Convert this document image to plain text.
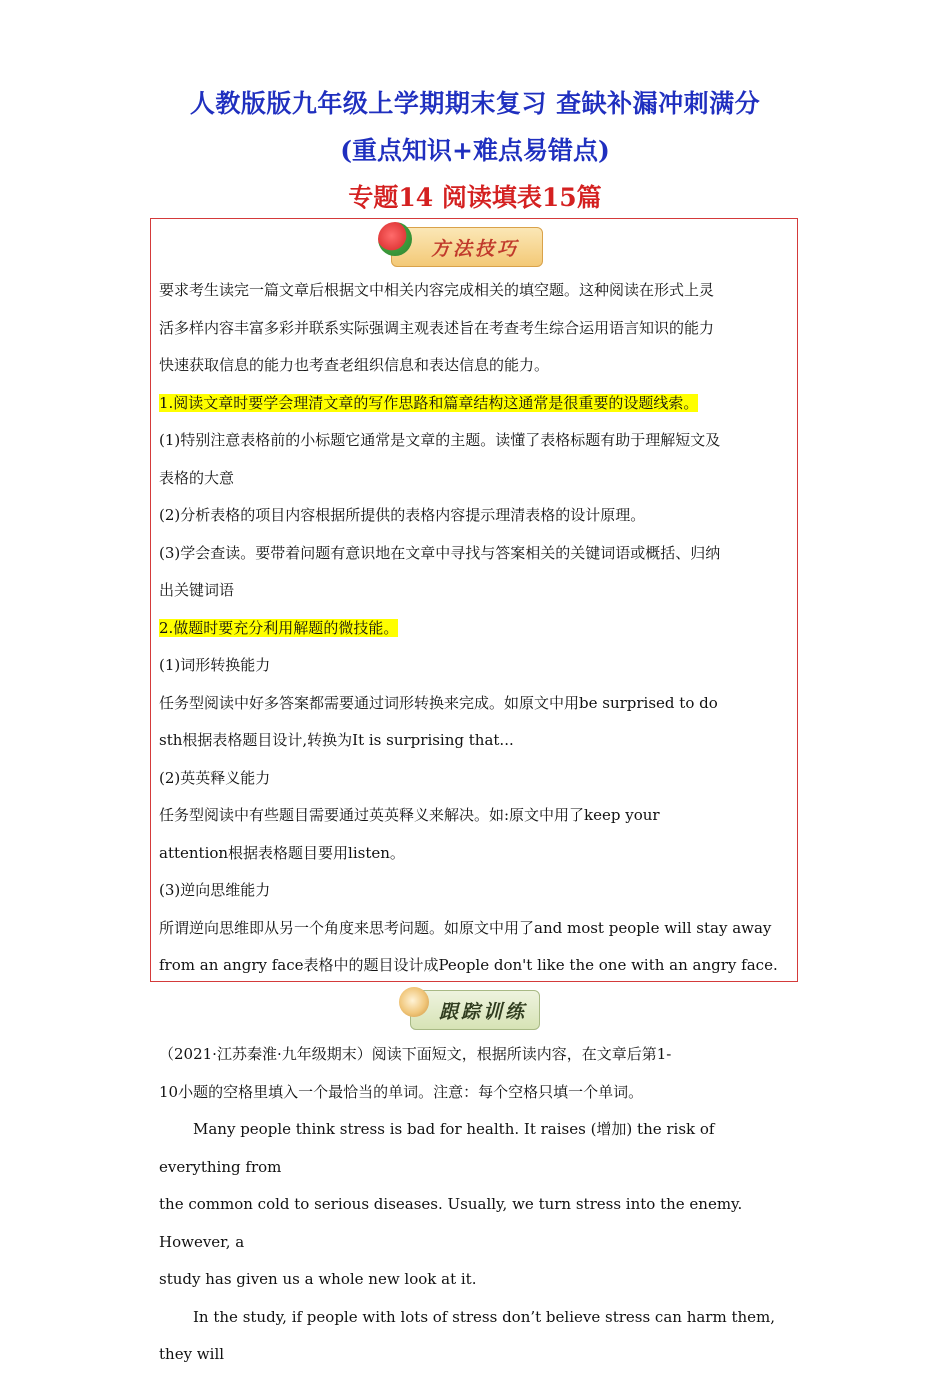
人教版版九年级上学期期末复习 查缺补漏冲刺满分
(重点知识+难点易错点)
专题14 阅读填表15篇
方法技巧

要求考生读完一篇文章后根据文中相关内容完成相关的填空题。这种阅读在形式上灵

活多样内容丰富多彩并联系实际强调主观表述旨在考查考生综合运用语言知识的能力

快速获取信息的能力也考查老组织信息和表达信息的能力。

1.阅读文章时要学会理清文章的写作思路和篇章结构这通常是很重要的设题线索。

(1)特别注意表格前的小标题它通常是文章的主题。读懂了表格标题有助于理解短文及

表格的大意

(2)分析表格的项目内容根据所提供的表格内容提示理清表格的设计原理。

(3)学会查读。要带着问题有意识地在文章中寻找与答案相关的关键词语或概括、归纳

出关键词语

2.做题时要充分利用解题的微技能。

(1)词形转换能力

任务型阅读中好多答案都需要通过词形转换来完成。如原文中用be surprised to do

sth根据表格题目设计,转换为It is surprising that...

(2)英英释义能力

任务型阅读中有些题目需要通过英英释义来解决。如:原文中用了keep your

attention根据表格题目要用listen。

(3)逆向思维能力

所谓逆向思维即从另一个角度来思考问题。如原文中用了and most people will stay away

from an angry face表格中的题目设计成People don't like the one with an angry face.

跟踪训练

（2021·江苏秦淮·九年级期末）阅读下面短文，根据所读内容，在文章后第1-

10小题的空格里填入一个最恰当的单词。注意：每个空格只填一个单词。

Many people think stress is bad for health. It raises (增加) the risk of everything from

the common cold to serious diseases. Usually, we turn stress into the enemy. However, a

study has given us a whole new look at it.

In the study, if people with lots of stress don’t believe stress can harm them, they will
